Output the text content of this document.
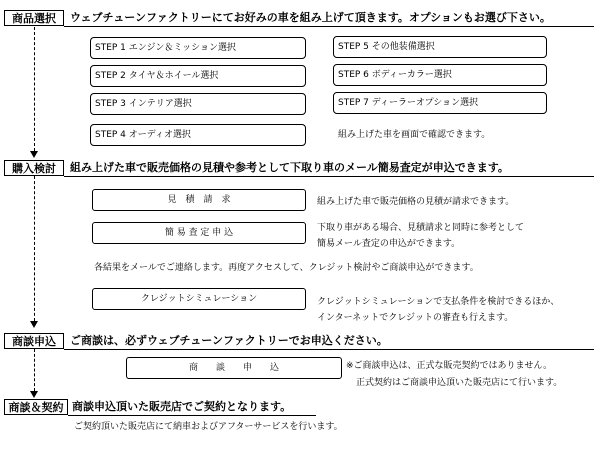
商品選択	ウェブチューンファクトリーにてお好みの車を組み上げて頂きます。オプションもお選び下さい。
STEP 1 エンジン＆ミッション選択
STEP 2 タイヤ＆ホイール選択
STEP 3 インテリア選択
STEP 4 オーディオ選択
STEP 5 その他装備選択
STEP 6 ボディーカラー選択
STEP 7 ディーラーオプション選択
組み上げた車を画面で確認できます。
購入検討	組み上げた車で販売価格の見積や参考として下取り車のメール簡易査定が申込できます。
見　積　請　求	組み上げた車で販売価格の見積が請求できます。
簡 易 査 定 申 込	下取り車がある場合、見積請求と同時に参考として
簡易メール査定の申込ができます。
各結果をメールでご連絡します。再度アクセスして、クレジット検討やご商談申込ができます。
クレジットシミュレーション	クレジットシミュレーションで支払条件を検討できるほか、
インターネットでクレジットの審査も行えます。
商談申込	ご商談は、必ずウェブチューンファクトリーでお申込ください。
商　　談　　申　　込	※ご商談申込は、正式な販売契約ではありません。
正式契約はご商談申込頂いた販売店にて行います。
商談＆契約 商談申込頂いた販売店でご契約となります。
ご契約頂いた販売店にて納車およびアフターサービスを行います。
